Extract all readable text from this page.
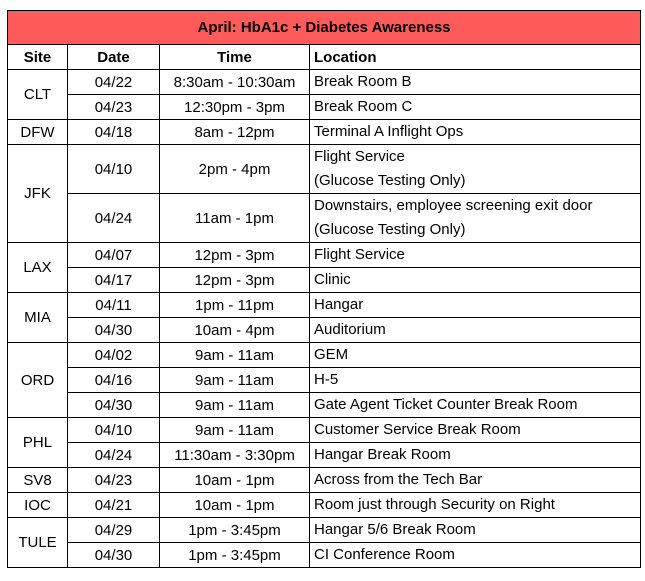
April: HbA1c + Diabetes Awareness			
Site	Date	Time	Location
CLT	04/22	8:30am - 10:30am	Break Room B

	04/23	12:30pm - 3pm	Break Room C

DFW	04/18	8am - 12pm	Terminal A Inflight Ops

JFK	04/10	2pm - 4pm	Flight Service
(Glucose Testing Only)

	04/24	11am - 1pm	Downstairs, employee screening exit door
(Glucose Testing Only)

LAX	04/07	12pm - 3pm	Flight Service

	04/17	12pm - 3pm	Clinic

MIA	04/11	1pm - 11pm	Hangar

	04/30	10am - 4pm	Auditorium

ORD	04/02	9am - 11am	GEM

	04/16	9am - 11am	H-5

	04/30	9am - 11am	Gate Agent Ticket Counter Break Room

PHL	04/10	9am - 11am	Customer Service Break Room

	04/24	11:30am - 3:30pm	Hangar Break Room

SV8	04/23	10am - 1pm	Across from the Tech Bar

IOC	04/21	10am - 1pm	Room just through Security on Right

TULE	04/29	1pm - 3:45pm	Hangar 5/6 Break Room

	04/30	1pm - 3:45pm	CI Conference Room
